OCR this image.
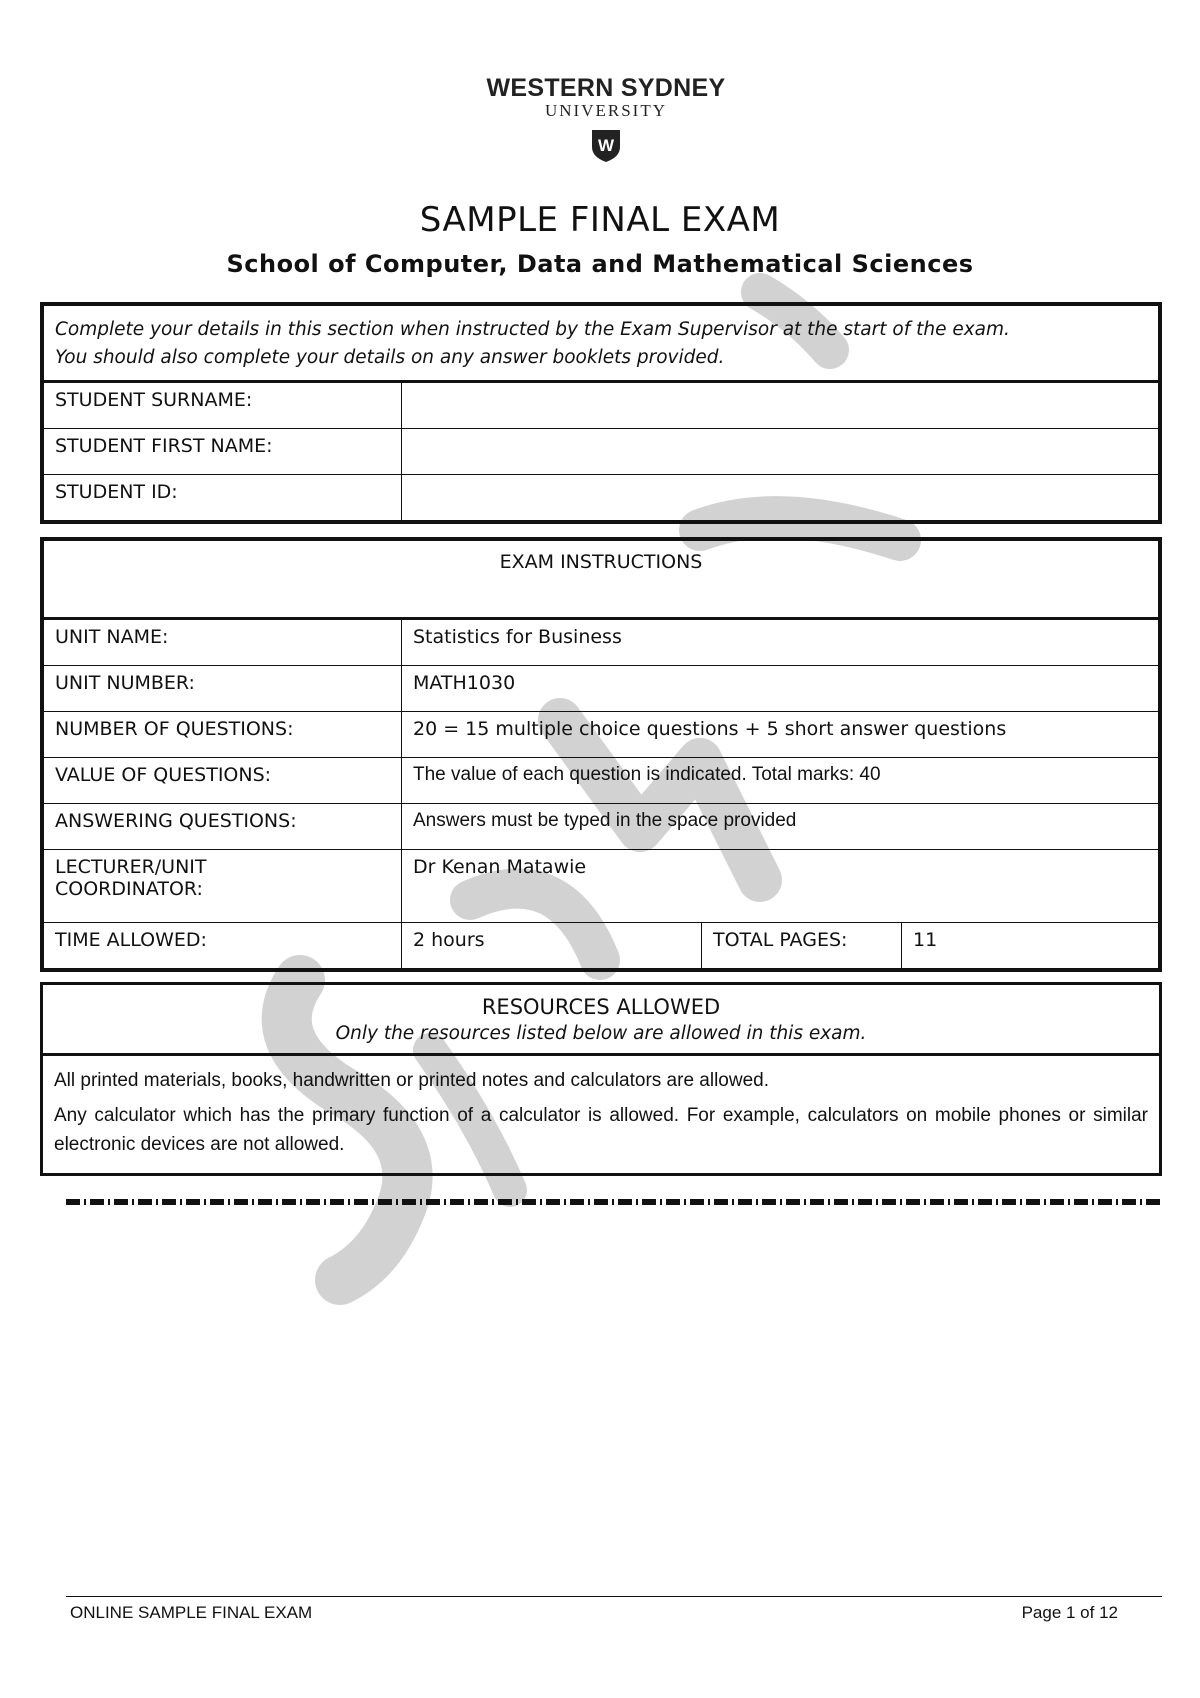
WESTERN SYDNEY
UNIVERSITY
W
SAMPLE FINAL EXAM
School of Computer, Data and Mathematical Sciences
Complete your details in this section when instructed by the Exam Supervisor at the start of the exam.
You should also complete your details on any answer booklets provided.	
STUDENT SURNAME:	
STUDENT FIRST NAME:	
STUDENT ID:	
EXAM INSTRUCTIONS			
UNIT NAME:	Statistics for Business		
UNIT NUMBER:	MATH1030		
NUMBER OF QUESTIONS:	20 = 15 multiple choice questions + 5 short answer questions		
VALUE OF QUESTIONS:	The value of each question is indicated. Total marks: 40		
ANSWERING QUESTIONS:	Answers must be typed in the space provided		
LECTURER/UNIT
COORDINATOR:	Dr Kenan Matawie		
TIME ALLOWED:	2 hours	TOTAL PAGES:	11
RESOURCES ALLOWED
Only the resources listed below are allowed in this exam.

All printed materials, books, handwritten or printed notes and calculators are allowed.

Any calculator which has the primary function of a calculator is allowed. For example, calculators on mobile phones or similar electronic devices are not allowed.

ONLINE SAMPLE FINAL EXAM	Page 1 of 12
